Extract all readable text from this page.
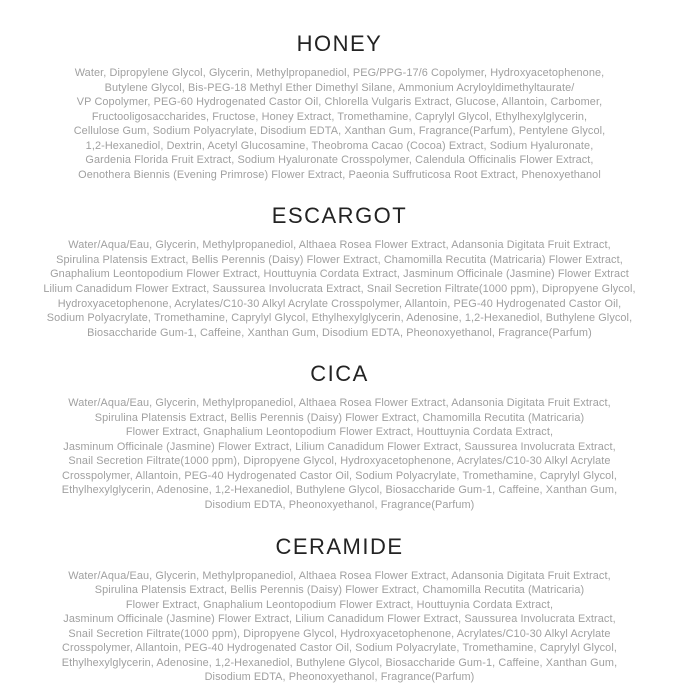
HONEY

Water, Dipropylene Glycol, Glycerin, Methylpropanediol, PEG/PPG-17/6 Copolymer, Hydroxyacetophenone,

Butylene Glycol, Bis-PEG-18 Methyl Ether Dimethyl Silane, Ammonium Acryloyldimethyltaurate/

VP Copolymer, PEG-60 Hydrogenated Castor Oil, Chlorella Vulgaris Extract, Glucose, Allantoin, Carbomer,

Fructooligosaccharides, Fructose, Honey Extract, Tromethamine, Caprylyl Glycol, Ethylhexylglycerin,

Cellulose Gum, Sodium Polyacrylate, Disodium EDTA, Xanthan Gum, Fragrance(Parfum), Pentylene Glycol,

1,2-Hexanediol, Dextrin, Acetyl Glucosamine, Theobroma Cacao (Cocoa) Extract, Sodium Hyaluronate,

Gardenia Florida Fruit Extract, Sodium Hyaluronate Crosspolymer, Calendula Officinalis Flower Extract,

Oenothera Biennis (Evening Primrose) Flower Extract, Paeonia Suffruticosa Root Extract, Phenoxyethanol

ESCARGOT

Water/Aqua/Eau, Glycerin, Methylpropanediol, Althaea Rosea Flower Extract, Adansonia Digitata Fruit Extract,

Spirulina Platensis Extract, Bellis Perennis (Daisy) Flower Extract, Chamomilla Recutita (Matricaria) Flower Extract,

Gnaphalium Leontopodium Flower Extract, Houttuynia Cordata Extract, Jasminum Officinale (Jasmine) Flower Extract

Lilium Canadidum Flower Extract, Saussurea Involucrata Extract, Snail Secretion Filtrate(1000 ppm), Dipropyene Glycol,

Hydroxyacetophenone, Acrylates/C10-30 Alkyl Acrylate Crosspolymer, Allantoin, PEG-40 Hydrogenated Castor Oil,

Sodium Polyacrylate, Tromethamine, Caprylyl Glycol, Ethylhexylglycerin, Adenosine, 1,2-Hexanediol, Buthylene Glycol,

Biosaccharide Gum-1, Caffeine, Xanthan Gum, Disodium EDTA, Pheonoxyethanol, Fragrance(Parfum)

CICA

Water/Aqua/Eau, Glycerin, Methylpropanediol, Althaea Rosea Flower Extract, Adansonia Digitata Fruit Extract,

Spirulina Platensis Extract, Bellis Perennis (Daisy) Flower Extract, Chamomilla Recutita (Matricaria)

Flower Extract, Gnaphalium Leontopodium Flower Extract, Houttuynia Cordata Extract,

Jasminum Officinale (Jasmine) Flower Extract, Lilium Canadidum Flower Extract, Saussurea Involucrata Extract,

Snail Secretion Filtrate(1000 ppm), Dipropyene Glycol, Hydroxyacetophenone, Acrylates/C10-30 Alkyl Acrylate

Crosspolymer, Allantoin, PEG-40 Hydrogenated Castor Oil, Sodium Polyacrylate, Tromethamine, Caprylyl Glycol,

Ethylhexylglycerin, Adenosine, 1,2-Hexanediol, Buthylene Glycol, Biosaccharide Gum-1, Caffeine, Xanthan Gum,

Disodium EDTA, Pheonoxyethanol, Fragrance(Parfum)

CERAMIDE

Water/Aqua/Eau, Glycerin, Methylpropanediol, Althaea Rosea Flower Extract, Adansonia Digitata Fruit Extract,

Spirulina Platensis Extract, Bellis Perennis (Daisy) Flower Extract, Chamomilla Recutita (Matricaria)

Flower Extract, Gnaphalium Leontopodium Flower Extract, Houttuynia Cordata Extract,

Jasminum Officinale (Jasmine) Flower Extract, Lilium Canadidum Flower Extract, Saussurea Involucrata Extract,

Snail Secretion Filtrate(1000 ppm), Dipropyene Glycol, Hydroxyacetophenone, Acrylates/C10-30 Alkyl Acrylate

Crosspolymer, Allantoin, PEG-40 Hydrogenated Castor Oil, Sodium Polyacrylate, Tromethamine, Caprylyl Glycol,

Ethylhexylglycerin, Adenosine, 1,2-Hexanediol, Buthylene Glycol, Biosaccharide Gum-1, Caffeine, Xanthan Gum,

Disodium EDTA, Pheonoxyethanol, Fragrance(Parfum)
